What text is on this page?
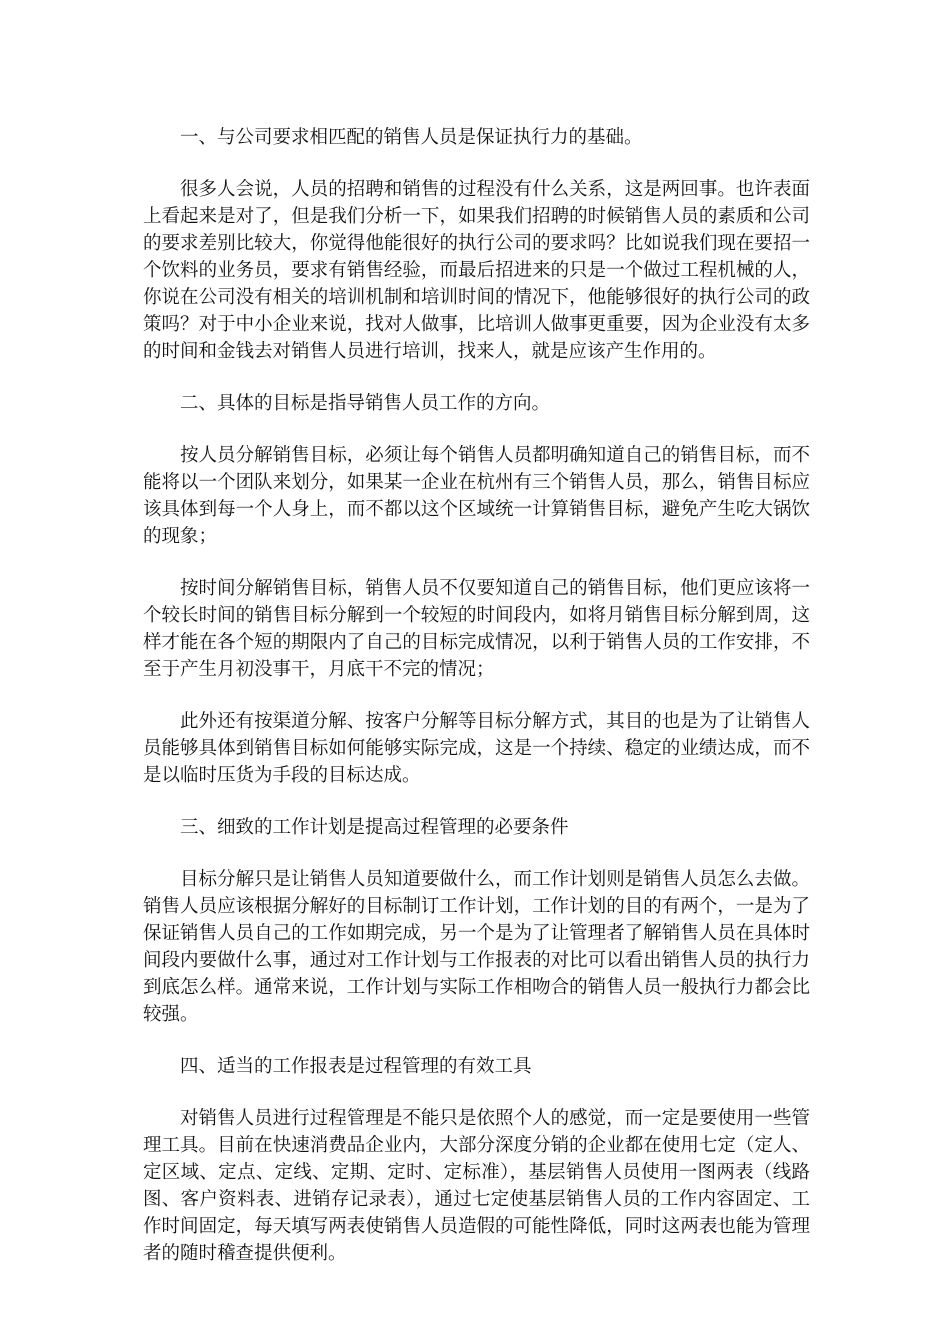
一、与公司要求相匹配的销售人员是保证执行力的基础。

很多人会说，人员的招聘和销售的过程没有什么关系，这是两回事。也许表面上看起来是对了，但是我们分析一下，如果我们招聘的时候销售人员的素质和公司的要求差别比较大，你觉得他能很好的执行公司的要求吗？比如说我们现在要招一个饮料的业务员，要求有销售经验，而最后招进来的只是一个做过工程机械的人，你说在公司没有相关的培训机制和培训时间的情况下，他能够很好的执行公司的政策吗？对于中小企业来说，找对人做事，比培训人做事更重要，因为企业没有太多的时间和金钱去对销售人员进行培训，找来人，就是应该产生作用的。

二、具体的目标是指导销售人员工作的方向。

按人员分解销售目标，必须让每个销售人员都明确知道自己的销售目标，而不能将以一个团队来划分，如果某一企业在杭州有三个销售人员，那么，销售目标应该具体到每一个人身上，而不都以这个区域统一计算销售目标，避免产生吃大锅饮的现象；

按时间分解销售目标，销售人员不仅要知道自己的销售目标，他们更应该将一个较长时间的销售目标分解到一个较短的时间段内，如将月销售目标分解到周，这样才能在各个短的期限内了自己的目标完成情况，以利于销售人员的工作安排，不至于产生月初没事干，月底干不完的情况；

此外还有按渠道分解、按客户分解等目标分解方式，其目的也是为了让销售人员能够具体到销售目标如何能够实际完成，这是一个持续、稳定的业绩达成，而不是以临时压货为手段的目标达成。

三、细致的工作计划是提高过程管理的必要条件

目标分解只是让销售人员知道要做什么，而工作计划则是销售人员怎么去做。销售人员应该根据分解好的目标制订工作计划，工作计划的目的有两个，一是为了保证销售人员自己的工作如期完成，另一个是为了让管理者了解销售人员在具体时间段内要做什么事，通过对工作计划与工作报表的对比可以看出销售人员的执行力到底怎么样。通常来说，工作计划与实际工作相吻合的销售人员一般执行力都会比较强。

四、适当的工作报表是过程管理的有效工具

对销售人员进行过程管理是不能只是依照个人的感觉，而一定是要使用一些管理工具。目前在快速消费品企业内，大部分深度分销的企业都在使用七定（定人、定区域、定点、定线、定期、定时、定标准），基层销售人员使用一图两表（线路图、客户资料表、进销存记录表），通过七定使基层销售人员的工作内容固定、工作时间固定，每天填写两表使销售人员造假的可能性降低，同时这两表也能为管理者的随时稽查提供便利。
